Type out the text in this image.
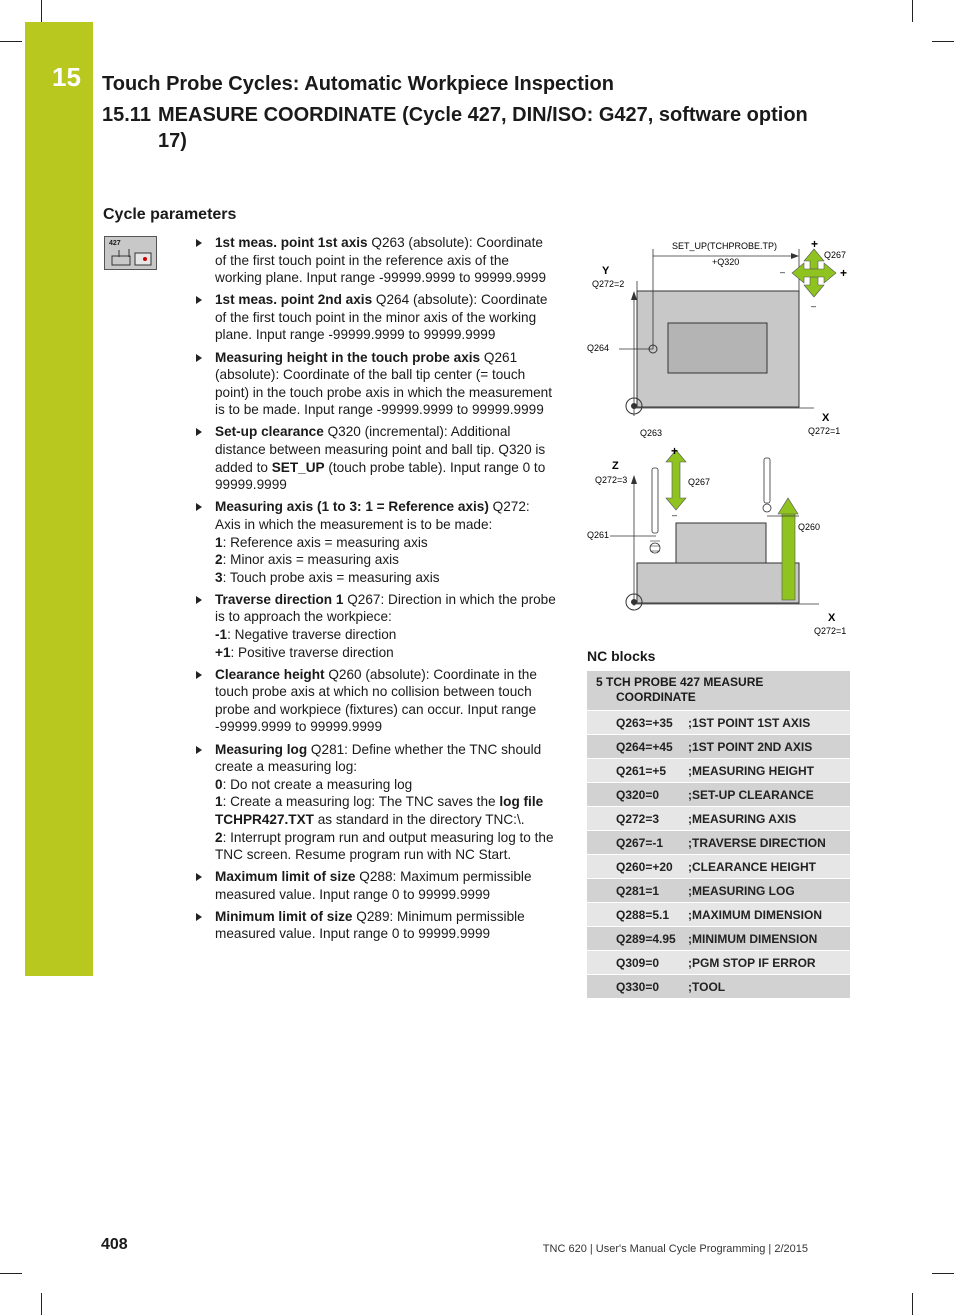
15 Touch Probe Cycles: Automatic Workpiece Inspection
15.11 MEASURE COORDINATE (Cycle 427, DIN/ISO: G427, software option
17)
Cycle parameters
427	1st meas. point 1st axis Q263 (absolute): Coordinate of the first touch point in the reference axis of the working plane. Input range -99999.9999 to 99999.9999
1st meas. point 2nd axis Q264 (absolute): Coordinate of the first touch point in the minor axis of the working plane. Input range -99999.9999 to 99999.9999
Measuring height in the touch probe axis Q261 (absolute): Coordinate of the ball tip center (= touch point) in the touch probe axis in which the measurement is to be made. Input range -99999.9999 to 99999.9999
Set-up clearance Q320 (incremental): Additional distance between measuring point and ball tip. Q320 is added to SET_UP (touch probe table). Input range 0 to 99999.9999
Measuring axis (1 to 3: 1 = Reference axis) Q272: Axis in which the measurement is to be made:
1: Reference axis = measuring axis
2: Minor axis = measuring axis
3: Touch probe axis = measuring axis
Traverse direction 1 Q267: Direction in which the probe is to approach the workpiece:
-1: Negative traverse direction
+1: Positive traverse direction
Clearance height Q260 (absolute): Coordinate in the touch probe axis at which no collision between touch probe and workpiece (fixtures) can occur. Input range -99999.9999 to 99999.9999
Measuring log Q281: Define whether the TNC should create a measuring log:
0: Do not create a measuring log
1: Create a measuring log: The TNC saves the log file TCHPR427.TXT as standard in the directory TNC:\.
2: Interrupt program run and output measuring log to the TNC screen. Resume program run with NC Start.
Maximum limit of size Q288: Maximum permissible measured value. Input range 0 to 99999.9999
Minimum limit of size Q289: Minimum permissible measured value. Input range 0 to 99999.9999
SET_UP(TCHPROBE.TP)
+Q320
Y
Q272=2
Q264
Q263
X
Q272=1
+
Q267
+
–
–
Z
Q272=3
X
Q272=1
Q261
+
Q267
–
Q260
NC blocks
5 TCH PROBE 427 MEASURE
COORDINATE
Q263=+35	;1ST POINT 1ST AXIS
Q264=+45	;1ST POINT 2ND AXIS
Q261=+5	;MEASURING HEIGHT
Q320=0	;SET-UP CLEARANCE
Q272=3	;MEASURING AXIS
Q267=-1	;TRAVERSE DIRECTION
Q260=+20	;CLEARANCE HEIGHT
Q281=1	;MEASURING LOG
Q288=5.1	;MAXIMUM DIMENSION
Q289=4.95	;MINIMUM DIMENSION
Q309=0	;PGM STOP IF ERROR
Q330=0	;TOOL
408	TNC 620 | User's Manual Cycle Programming | 2/2015
